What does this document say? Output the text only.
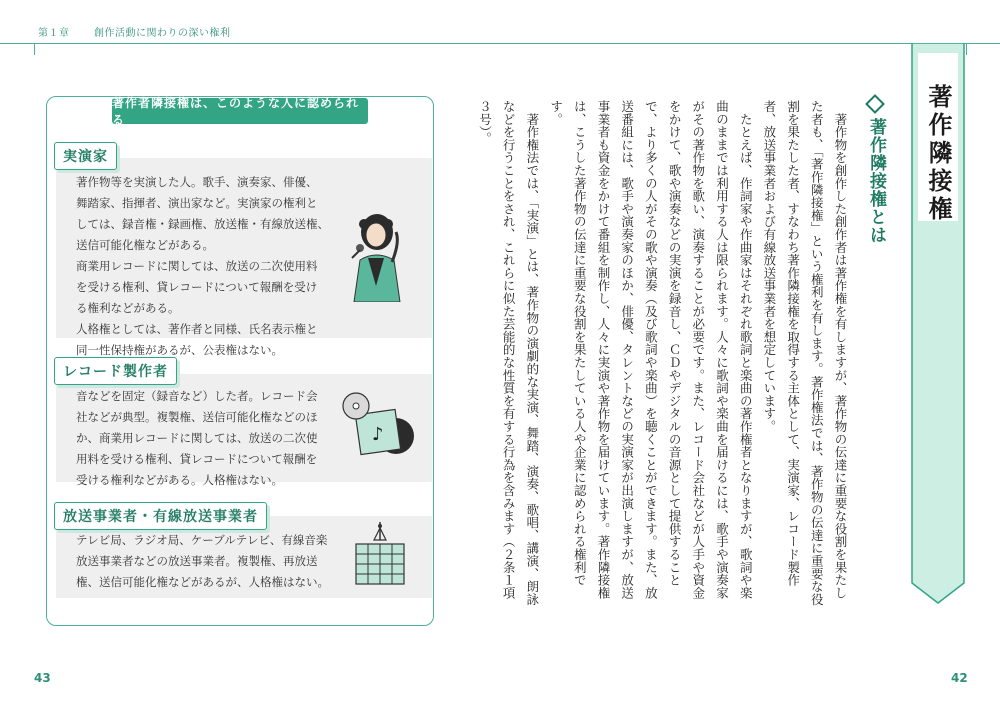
第１章 創作活動に関わりの深い権利
著作者隣接権は、このような人に認められる
実演家
著作物等を実演した人。歌手、演奏家、俳優、
舞踏家、指揮者、演出家など。実演家の権利と
しては、録音権・録画権、放送権・有線放送権、
送信可能化権などがある。
商業用レコードに関しては、放送の二次使用料
を受ける権利、貸レコードについて報酬を受け
る権利などがある。
人格権としては、著作者と同様、氏名表示権と
同一性保持権があるが、公表権はない。
レコード製作者
音などを固定（録音など）した者。レコード会
社などが典型。複製権、送信可能化権などのほ
か、商業用レコードに関しては、放送の二次使
用料を受ける権利、貸レコードについて報酬を
受ける権利などがある。人格権はない。
♪
放送事業者・有線放送事業者
テレビ局、ラジオ局、ケーブルテレビ、有線音楽
放送事業者などの放送事業者。複製権、再放送
権、送信可能化権などがあるが、人格権はない。
著作隣接権
著作隣接権とは

　著作物を創作した創作者は著作権を有しますが、著作物の伝達に重要な役割を果たした者も、「著作隣接権」という権利を有します。著作権法では、著作物の伝達に重要な役割を果たした者、すなわち著作隣接権を取得する主体として、実演家、レコード製作者、放送事業者および有線放送事業者を想定しています。

　たとえば、作詞家や作曲家はそれぞれ歌詞と楽曲の著作権者となりますが、歌詞や楽曲のままでは利用する人は限られます。人々に歌詞や楽曲を届けるには、歌手や演奏家がその著作物を歌い、演奏することが必要です。また、レコード会社などが人手や資金をかけて、歌や演奏などの実演を録音し、ＣＤやデジタルの音源として提供することで、より多くの人がその歌や演奏（及び歌詞や楽曲）を聴くことができます。また、放送番組には、歌手や演奏家のほか、俳優、タレントなどの実演家が出演しますが、放送事業者も資金をかけて番組を制作し、人々に実演や著作物を届けています。著作隣接権は、こうした著作物の伝達に重要な役割を果たしている人や企業に認められる権利です。

　著作権法では、「実演」とは、著作物の演劇的な実演、舞踏、演奏、歌唱、講演、朗詠などを行うことをされ、これらに似た芸能的な性質を有する行為を含みます（２条１項３号）。

43	42
